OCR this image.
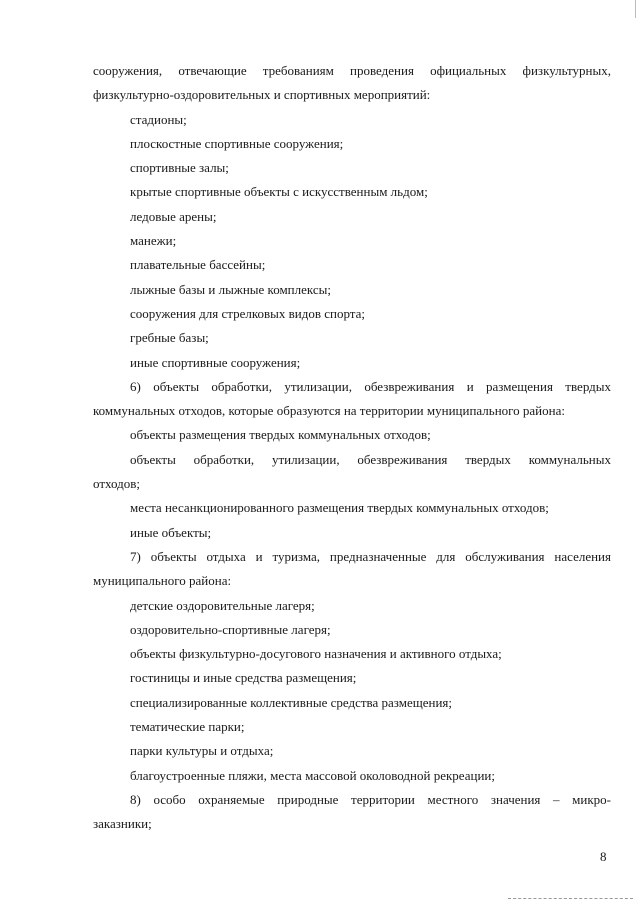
сооружения, отвечающие требованиям проведения официальных физкультурных,

физкультурно-оздоровительных и спортивных мероприятий:

стадионы;

плоскостные спортивные сооружения;

спортивные залы;

крытые спортивные объекты с искусственным льдом;

ледовые арены;

манежи;

плавательные бассейны;

лыжные базы и лыжные комплексы;

сооружения для стрелковых видов спорта;

гребные базы;

иные спортивные сооружения;

6) объекты обработки, утилизации, обезвреживания и размещения твердых

коммунальных отходов, которые образуются на территории муниципального района:

объекты размещения твердых коммунальных отходов;

объекты обработки, утилизации, обезвреживания твердых коммунальных

отходов;

места несанкционированного размещения твердых коммунальных отходов;

иные объекты;

7) объекты отдыха и туризма, предназначенные для обслуживания населения

муниципального района:

детские оздоровительные лагеря;

оздоровительно-спортивные лагеря;

объекты физкультурно-досугового назначения и активного отдыха;

гостиницы и иные средства размещения;

специализированные коллективные средства размещения;

тематические парки;

парки культуры и отдыха;

благоустроенные пляжи, места массовой околоводной рекреации;

8) особо охраняемые природные территории местного значения – микро-

заказники;

8
